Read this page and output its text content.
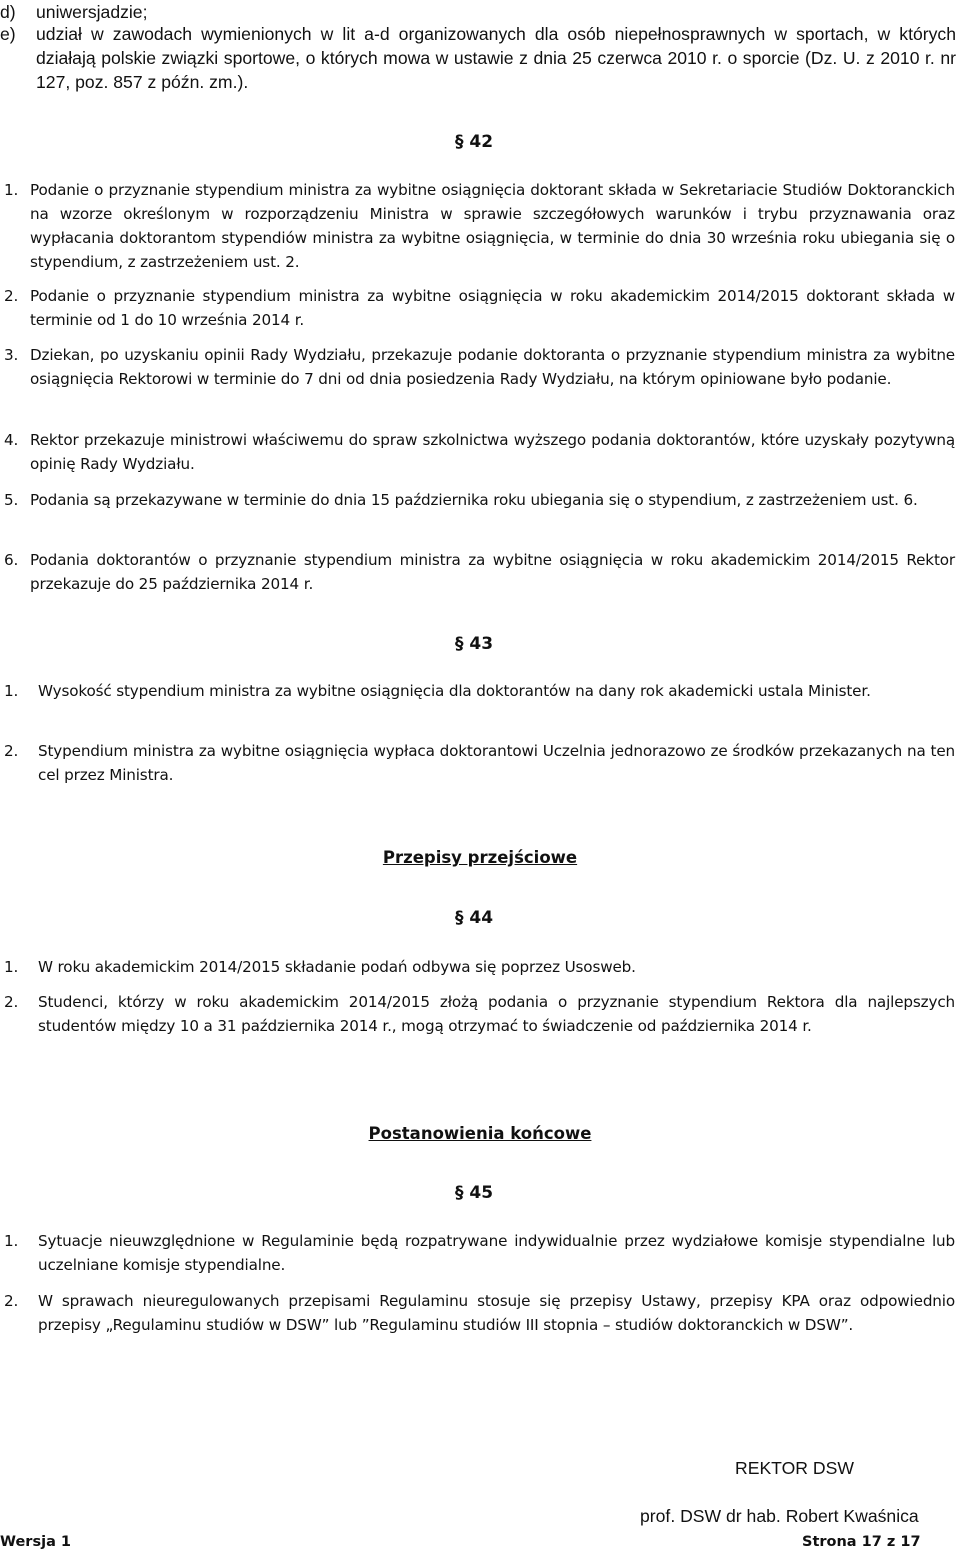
d) uniwersjadzie;
e) udział w zawodach wymienionych w lit a-d organizowanych dla osób niepełnosprawnych w sportach, w których działają polskie związki sportowe, o których mowa w ustawie z dnia 25 czerwca 2010 r. o sporcie (Dz. U. z 2010 r. nr 127, poz. 857 z późn. zm.).
§ 42
1. Podanie o przyznanie stypendium ministra za wybitne osiągnięcia doktorant składa w Sekretariacie Studiów Doktoranckich na wzorze określonym w rozporządzeniu Ministra w sprawie szczegółowych warunków i trybu przyznawania oraz wypłacania doktorantom stypendiów ministra za wybitne osiągnięcia, w terminie do dnia 30 września roku ubiegania się o stypendium, z zastrzeżeniem ust. 2.
2. Podanie o przyznanie stypendium ministra za wybitne osiągnięcia w roku akademickim 2014/2015 doktorant składa w terminie od 1 do 10 września 2014 r.
3. Dziekan, po uzyskaniu opinii Rady Wydziału, przekazuje podanie doktoranta o przyznanie stypendium ministra za wybitne osiągnięcia Rektorowi w terminie do 7 dni od dnia posiedzenia Rady Wydziału, na którym opiniowane było podanie.
4. Rektor przekazuje ministrowi właściwemu do spraw szkolnictwa wyższego podania doktorantów, które uzyskały pozytywną opinię Rady Wydziału.
5. Podania są przekazywane w terminie do dnia 15 października roku ubiegania się o stypendium, z zastrzeżeniem ust. 6.
6. Podania doktorantów o przyznanie stypendium ministra za wybitne osiągnięcia w roku akademickim 2014/2015 Rektor przekazuje do 25 października 2014 r.
§ 43
1. Wysokość stypendium ministra za wybitne osiągnięcia dla doktorantów na dany rok akademicki ustala Minister.
2. Stypendium ministra za wybitne osiągnięcia wypłaca doktorantowi Uczelnia jednorazowo ze środków przekazanych na ten cel przez Ministra.
Przepisy przejściowe
§ 44
1. W roku akademickim 2014/2015 składanie podań odbywa się poprzez Usosweb.
2. Studenci, którzy w roku akademickim 2014/2015 złożą podania o przyznanie stypendium Rektora dla najlepszych studentów między 10 a 31 października 2014 r., mogą otrzymać to świadczenie od października 2014 r.
Postanowienia końcowe
§ 45
1. Sytuacje nieuwzględnione w Regulaminie będą rozpatrywane indywidualnie przez wydziałowe komisje stypendialne lub uczelniane komisje stypendialne.
2. W sprawach nieuregulowanych przepisami Regulaminu stosuje się przepisy Ustawy, przepisy KPA oraz odpowiednio przepisy „Regulaminu studiów w DSW” lub ”Regulaminu studiów III stopnia – studiów doktoranckich w DSW”.
REKTOR DSW
prof. DSW dr hab. Robert Kwaśnica
Wersja 1	Strona 17 z 17
